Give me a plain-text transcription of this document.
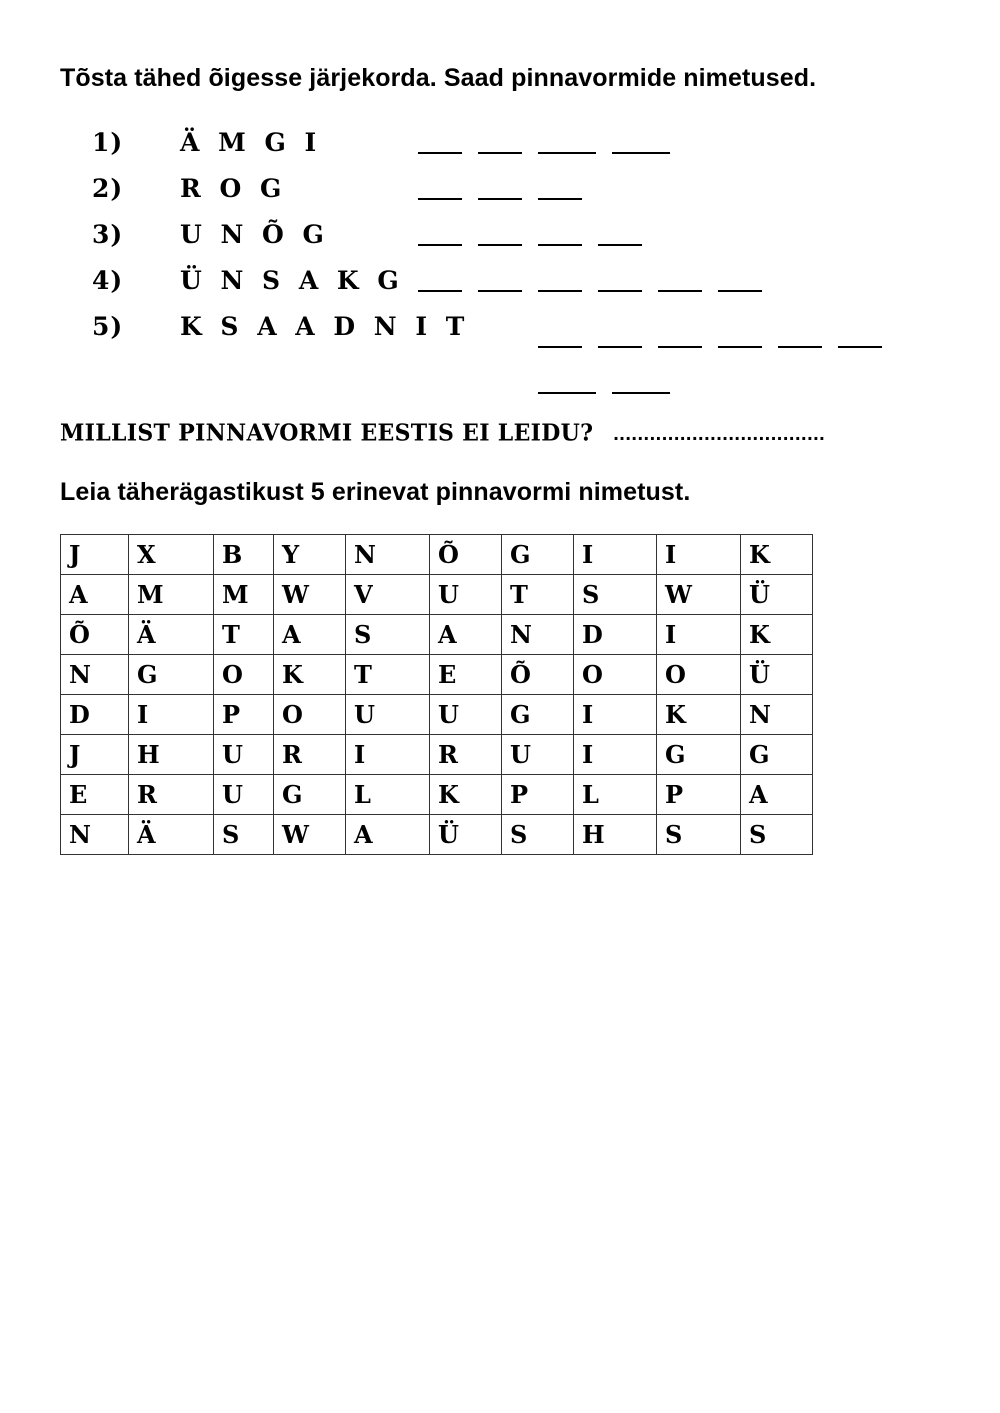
Tõsta tähed õigesse järjekorda. Saad pinnavormide nimetused.
1) Ä M G I
2) R O G
3) U N Õ G
4) Ü N S A K G
5) K S A A D N I T
MILLIST PINNAVORMI EESTIS EI LEIDU? ...................................
Leia täherägastikust 5 erinevat pinnavormi nimetust.
J	X	B	Y	N	Õ	G	I	I	K
A	M	M	W	V	U	T	S	W	Ü
Õ	Ä	T	A	S	A	N	D	I	K
N	G	O	K	T	E	Õ	O	O	Ü
D	I	P	O	U	U	G	I	K	N
J	H	U	R	I	R	U	I	G	G
E	R	U	G	L	K	P	L	P	A
N	Ä	S	W	A	Ü	S	H	S	S
